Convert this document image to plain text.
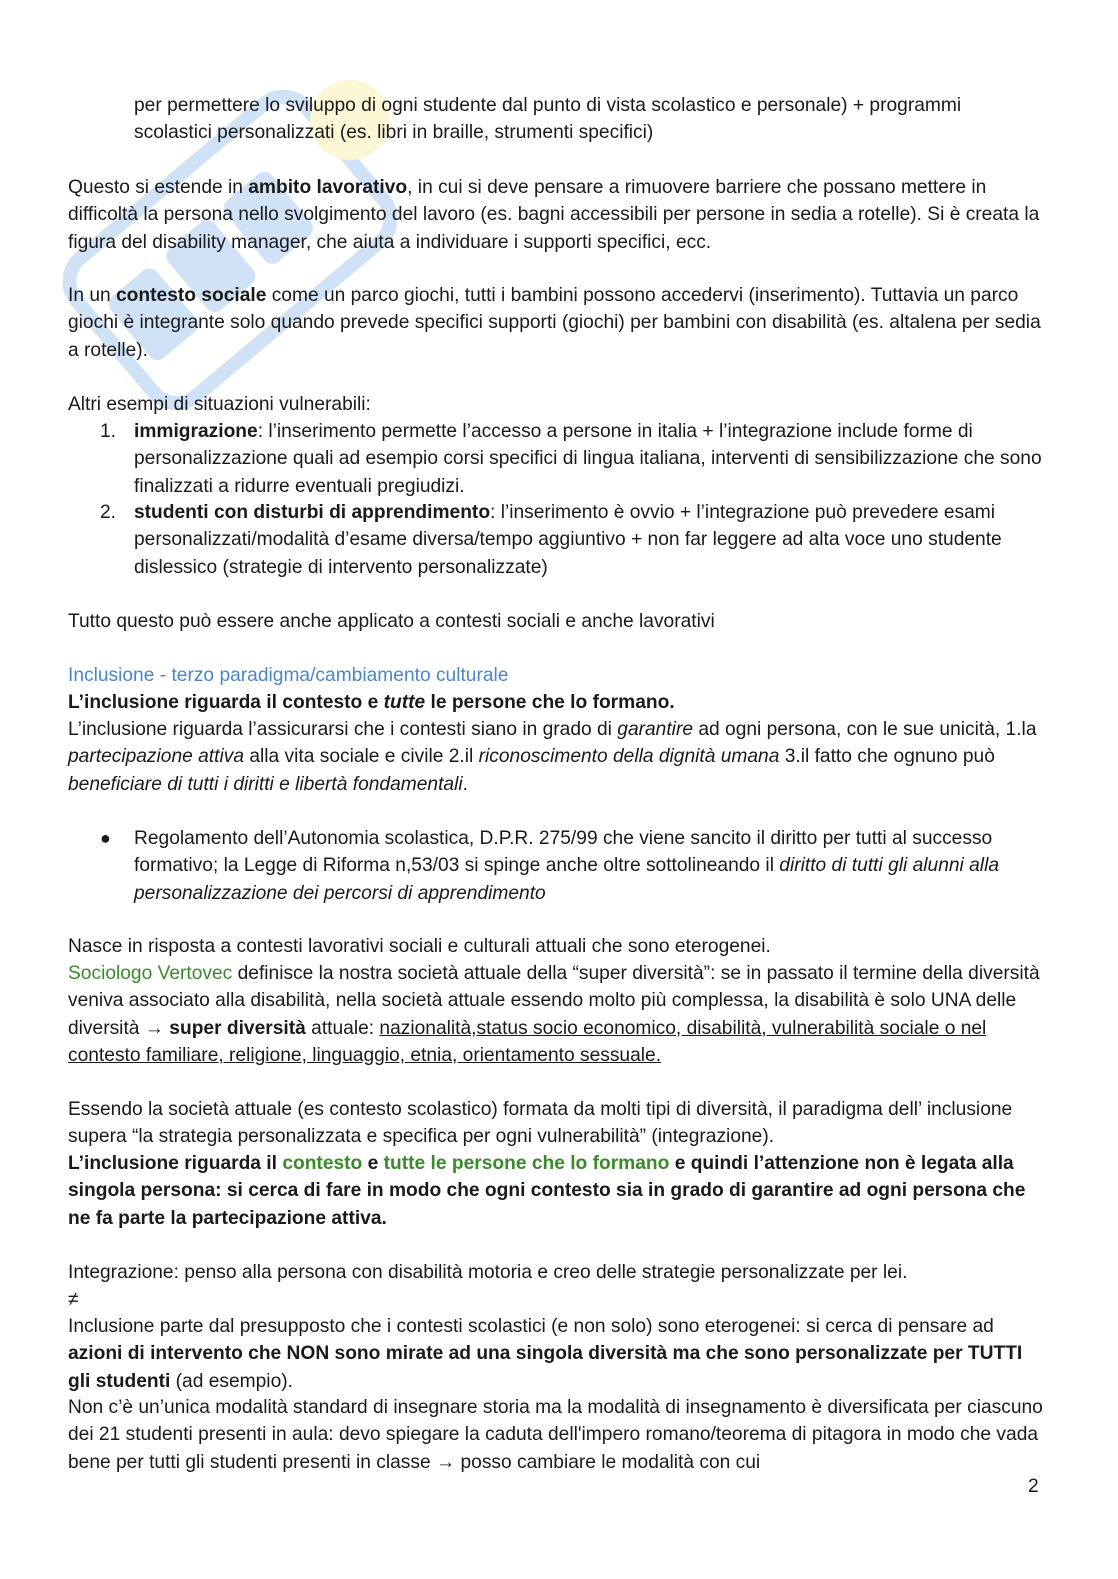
per permettere lo sviluppo di ogni studente dal punto di vista scolastico e personale) + programmi

scolastici personalizzati (es. libri in braille, strumenti specifici)

Questo si estende in ambito lavorativo, in cui si deve pensare a rimuovere barriere che possano mettere in difficoltà la persona nello svolgimento del lavoro (es. bagni accessibili per persone in sedia a rotelle). Si è creata la figura del disability manager, che aiuta a individuare i supporti specifici, ecc.

In un contesto sociale come un parco giochi, tutti i bambini possono accedervi (inserimento). Tuttavia un parco giochi è integrante solo quando prevede specifici supporti (giochi) per bambini con disabilità (es. altalena per sedia a rotelle).

Altri esempi di situazioni vulnerabili:

1. immigrazione: l’inserimento permette l’accesso a persone in italia + l’integrazione include forme di personalizzazione quali ad esempio corsi specifici di lingua italiana, interventi di sensibilizzazione che sono finalizzati a ridurre eventuali pregiudizi.

2. studenti con disturbi di apprendimento: l’inserimento è ovvio + l’integrazione può prevedere esami personalizzati/modalità d’esame diversa/tempo aggiuntivo + non far leggere ad alta voce uno studente dislessico (strategie di intervento personalizzate)

Tutto questo può essere anche applicato a contesti sociali e anche lavorativi

Inclusione - terzo paradigma/cambiamento culturale

L’inclusione riguarda il contesto e tutte le persone che lo formano.

L’inclusione riguarda l’assicurarsi che i contesti siano in grado di garantire ad ogni persona, con le sue unicità, 1.la partecipazione attiva alla vita sociale e civile 2.il riconoscimento della dignità umana 3.il fatto che ognuno può beneficiare di tutti i diritti e libertà fondamentali.

● Regolamento dell’Autonomia scolastica, D.P.R. 275/99 che viene sancito il diritto per tutti al successo formativo; la Legge di Riforma n,53/03 si spinge anche oltre sottolineando il diritto di tutti gli alunni alla personalizzazione dei percorsi di apprendimento

Nasce in risposta a contesti lavorativi sociali e culturali attuali che sono eterogenei.

Sociologo Vertovec definisce la nostra società attuale della “super diversità”: se in passato il termine della diversità veniva associato alla disabilità, nella società attuale essendo molto più complessa, la disabilità è solo UNA delle diversità → super diversità attuale: nazionalità,status socio economico, disabilità, vulnerabilità sociale o nel contesto familiare, religione, linguaggio, etnia, orientamento sessuale.

Essendo la società attuale (es contesto scolastico) formata da molti tipi di diversità, il paradigma dell’ inclusione supera “la strategia personalizzata e specifica per ogni vulnerabilità” (integrazione).

L’inclusione riguarda il contesto e tutte le persone che lo formano e quindi l’attenzione non è legata alla singola persona: si cerca di fare in modo che ogni contesto sia in grado di garantire ad ogni persona che ne fa parte la partecipazione attiva.

Integrazione: penso alla persona con disabilità motoria e creo delle strategie personalizzate per lei.

≠

Inclusione parte dal presupposto che i contesti scolastici (e non solo) sono eterogenei: si cerca di pensare ad azioni di intervento che NON sono mirate ad una singola diversità ma che sono personalizzate per TUTTI gli studenti (ad esempio).

Non c’è un’unica modalità standard di insegnare storia ma la modalità di insegnamento è diversificata per ciascuno dei 21 studenti presenti in aula: devo spiegare la caduta dell'impero romano/teorema di pitagora in modo che vada bene per tutti gli studenti presenti in classe → posso cambiare le modalità con cui

2
